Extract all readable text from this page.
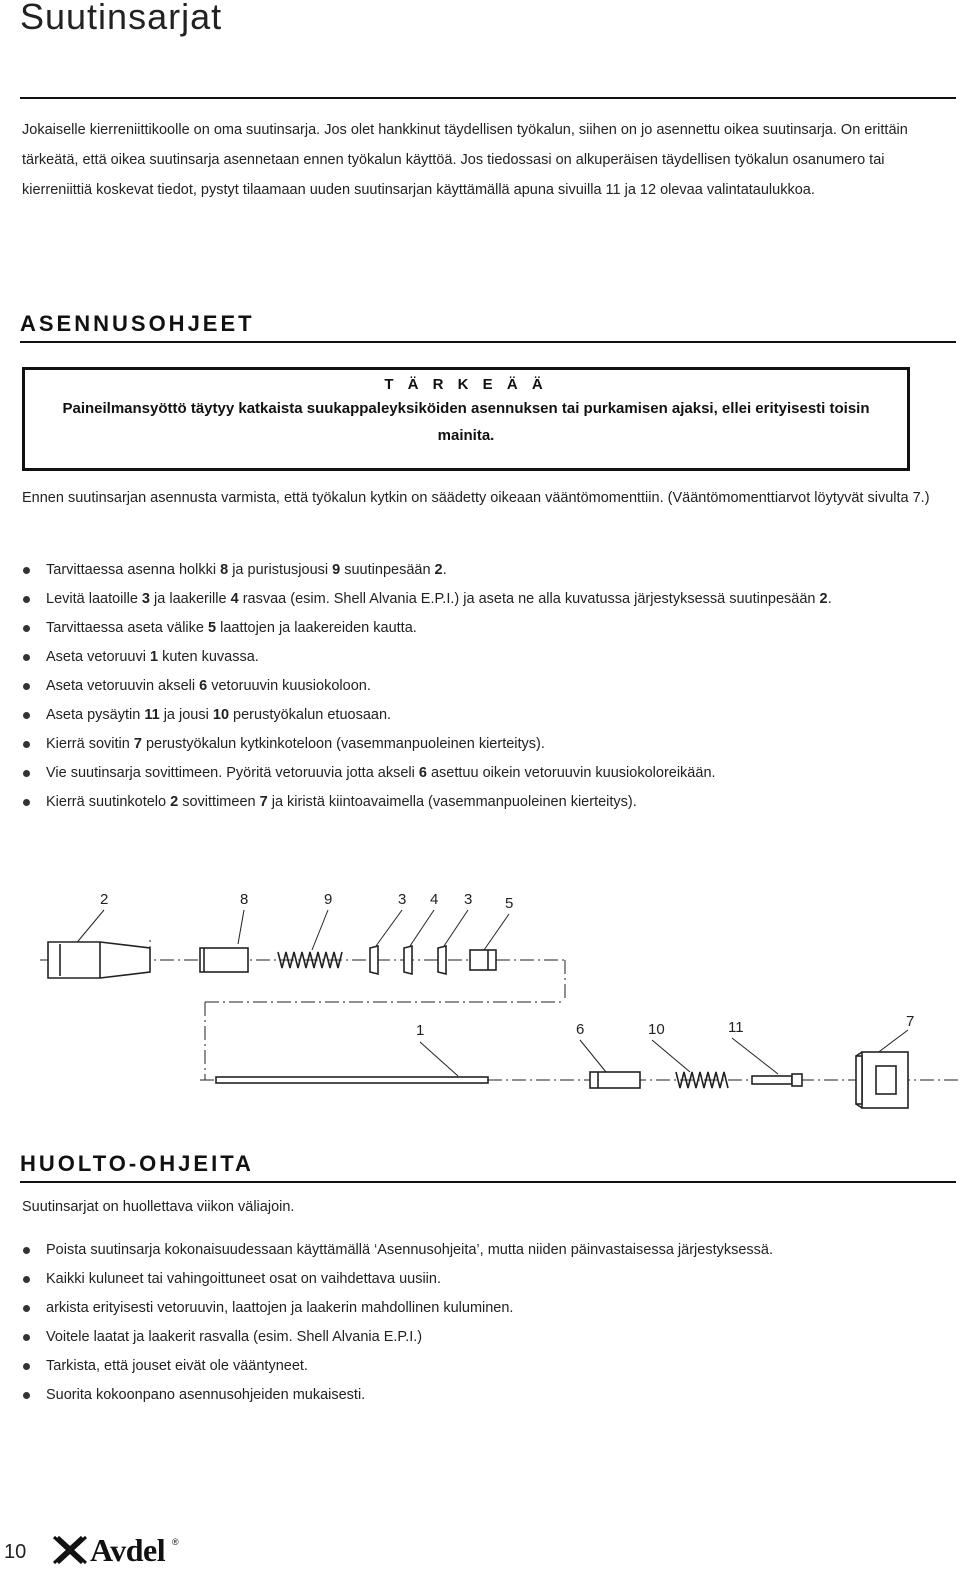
Suutinsarjat
Jokaiselle kierreniittikoolle on oma suutinsarja. Jos olet hankkinut täydellisen työkalun, siihen on jo asennettu oikea suutinsarja. On erittäin tärkeätä, että oikea suutinsarja asennetaan ennen työkalun käyttöä. Jos tiedossasi on alkuperäisen täydellisen työkalun osanumero tai kierreniittiä koskevat tiedot, pystyt tilaamaan uuden suutinsarjan käyttämällä apuna sivuilla 11 ja 12 olevaa valintataulukkoa.
ASENNUSOHJEET
T Ä R K E Ä Ä
Paineilmansyöttö täytyy katkaista suukappaleyksiköiden asennuksen tai purkamisen ajaksi, ellei erityisesti toisin mainita.
Ennen suutinsarjan asennusta varmista, että työkalun kytkin on säädetty oikeaan vääntömomenttiin. (Vääntömomenttiarvot löytyvät sivulta 7.)
Tarvittaessa asenna holkki 8 ja puristusjousi 9 suutinpesään 2.
Levitä laatoille 3 ja laakerille 4 rasvaa (esim. Shell Alvania E.P.I.) ja aseta ne alla kuvatussa järjestyksessä suutinpesään 2.
Tarvittaessa aseta välike 5 laattojen ja laakereiden kautta.
Aseta vetoruuvi 1 kuten kuvassa.
Aseta vetoruuvin akseli 6 vetoruuvin kuusiokoloon.
Aseta pysäytin 11 ja jousi 10 perustyökalun etuosaan.
Kierrä sovitin 7 perustyökalun kytkinkoteloon (vasemmanpuoleinen kierteitys).
Vie suutinsarja sovittimeen. Pyöritä vetoruuvia jotta akseli 6 asettuu oikein vetoruuvin kuusiokoloreikään.
Kierrä suutinkotelo 2 sovittimeen 7 ja kiristä kiintoavaimella (vasemmanpuoleinen kierteitys).
2	8	9	3 4 3 5
1	6	10	11	7
HUOLTO-OHJEITA
Suutinsarjat on huollettava viikon väliajoin.
Poista suutinsarja kokonaisuudessaan käyttämällä ‘Asennusohjeita’, mutta niiden päinvastaisessa järjestyksessä.
Kaikki kuluneet tai vahingoittuneet osat on vaihdettava uusiin.
arkista erityisesti vetoruuvin, laattojen ja laakerin mahdollinen kuluminen.
Voitele laatat ja laakerit rasvalla (esim. Shell Alvania E.P.I.)
Tarkista, että jouset eivät ole vääntyneet.
Suorita kokoonpano asennusohjeiden mukaisesti.
10 Avdel ®
